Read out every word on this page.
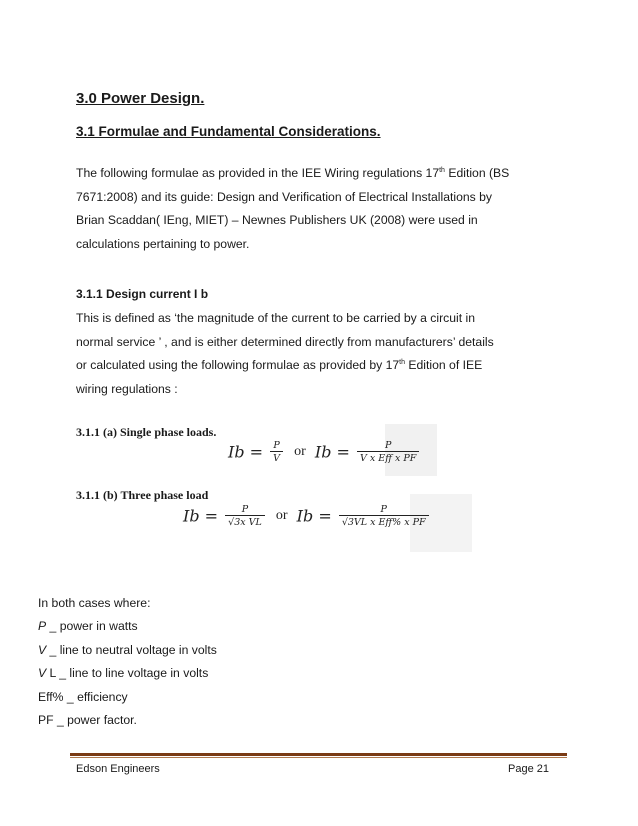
3.0 Power Design.
3.1 Formulae and Fundamental Considerations.
The following formulae as provided in the IEE Wiring regulations 17th Edition (BS
7671:2008) and its guide: Design and Verification of Electrical Installations by
Brian Scaddan( IEng, MIET) – Newnes Publishers UK (2008) were used in
calculations pertaining to power.
3.1.1 Design current I b
This is defined as ‘the magnitude of the current to be carried by a circuit in
normal service ’ , and is either determined directly from manufacturers’ details
or calculated using the following formulae as provided by 17th Edition of IEE
wiring regulations :
3.1.1 (a) Single phase loads.
$Ib = \frac{P}{V}$ or $Ib = \frac{P}{\text{V x Eff x PF}}$
3.1.1 (b) Three phase load
$Ib = \frac{P}{\text{√3x VL}}$ or $Ib = \frac{P}{\text{√3VL x Eff\% x PF}}$
In both cases where:
P _ power in watts
V _ line to neutral voltage in volts
V L _ line to line voltage in volts
Eff% _ efficiency
PF _ power factor.
Edson Engineers	Page 21
